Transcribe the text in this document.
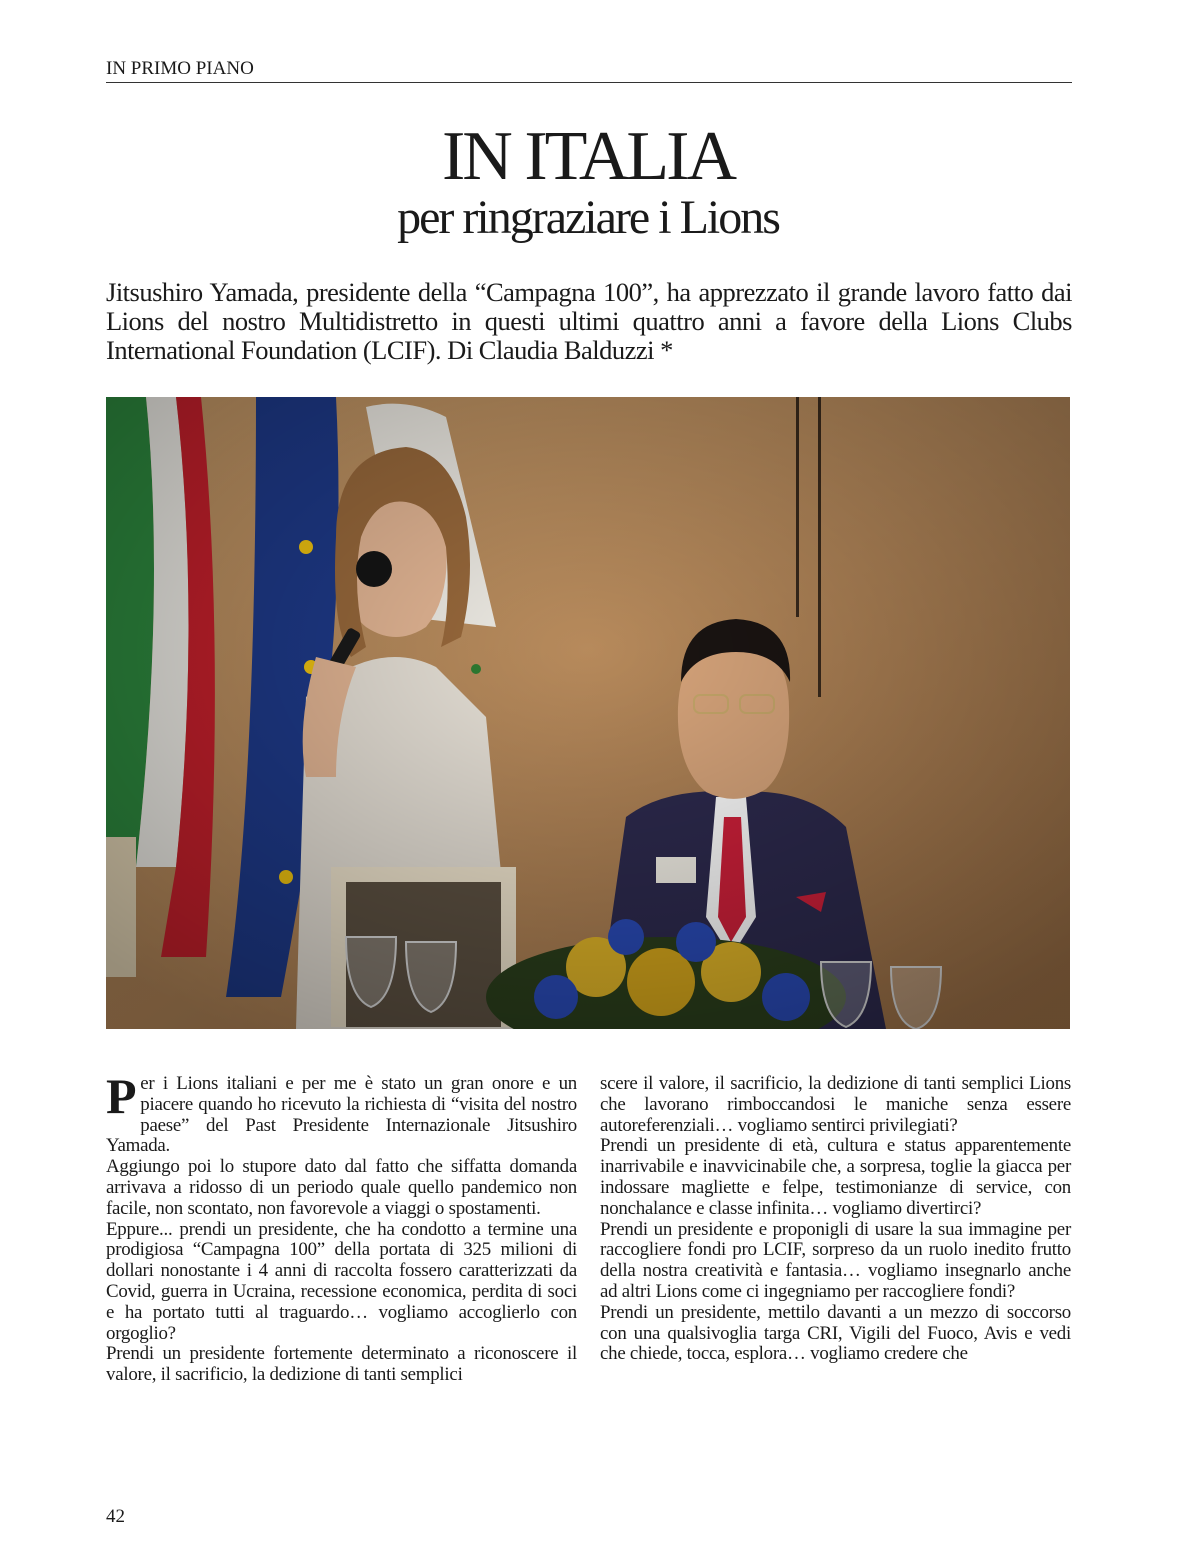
IN PRIMO PIANO
IN ITALIA
per ringraziare i Lions
Jitsushiro Yamada, presidente della “Campagna 100”, ha apprezzato il grande lavoro fatto dai Lions del nostro Multidistretto in questi ultimi quattro anni a favore della Lions Clubs International Foundation (LCIF). Di Claudia Balduzzi *

Per i Lions italiani e per me è stato un gran onore e un piacere quando ho ricevuto la richiesta di “visita del nostro paese” del Past Presidente Internazionale Jitsushiro Yamada.

Aggiungo poi lo stupore dato dal fatto che siffatta domanda arrivava a ridosso di un periodo quale quello pandemico non facile, non scontato, non favorevole a viaggi o spostamenti.

Eppure... prendi un presidente, che ha condotto a termine una prodigiosa “Campagna 100” della portata di 325 milioni di dollari nonostante i 4 anni di raccolta fossero caratterizzati da Covid, guerra in Ucraina, recessione economica, perdita di soci e ha portato tutti al traguardo… vogliamo accoglierlo con orgoglio?

Prendi un presidente fortemente determinato a riconoscere il valore, il sacrificio, la dedizione di tanti semplici

scere il valore, il sacrificio, la dedizione di tanti semplici Lions che lavorano rimboccandosi le maniche senza essere autoreferenziali… vogliamo sentirci privilegiati?

Prendi un presidente di età, cultura e status apparentemente inarrivabile e inavvicinabile che, a sorpresa, toglie la giacca per indossare magliette e felpe, testimonianze di service, con nonchalance e classe infinita… vogliamo divertirci?

Prendi un presidente e proponigli di usare la sua immagine per raccogliere fondi pro LCIF, sorpreso da un ruolo inedito frutto della nostra creatività e fantasia… vogliamo insegnarlo anche ad altri Lions come ci ingegniamo per raccogliere fondi?

Prendi un presidente, mettilo davanti a un mezzo di soccorso con una qualsivoglia targa CRI, Vigili del Fuoco, Avis e vedi che chiede, tocca, esplora… vogliamo credere che

42
